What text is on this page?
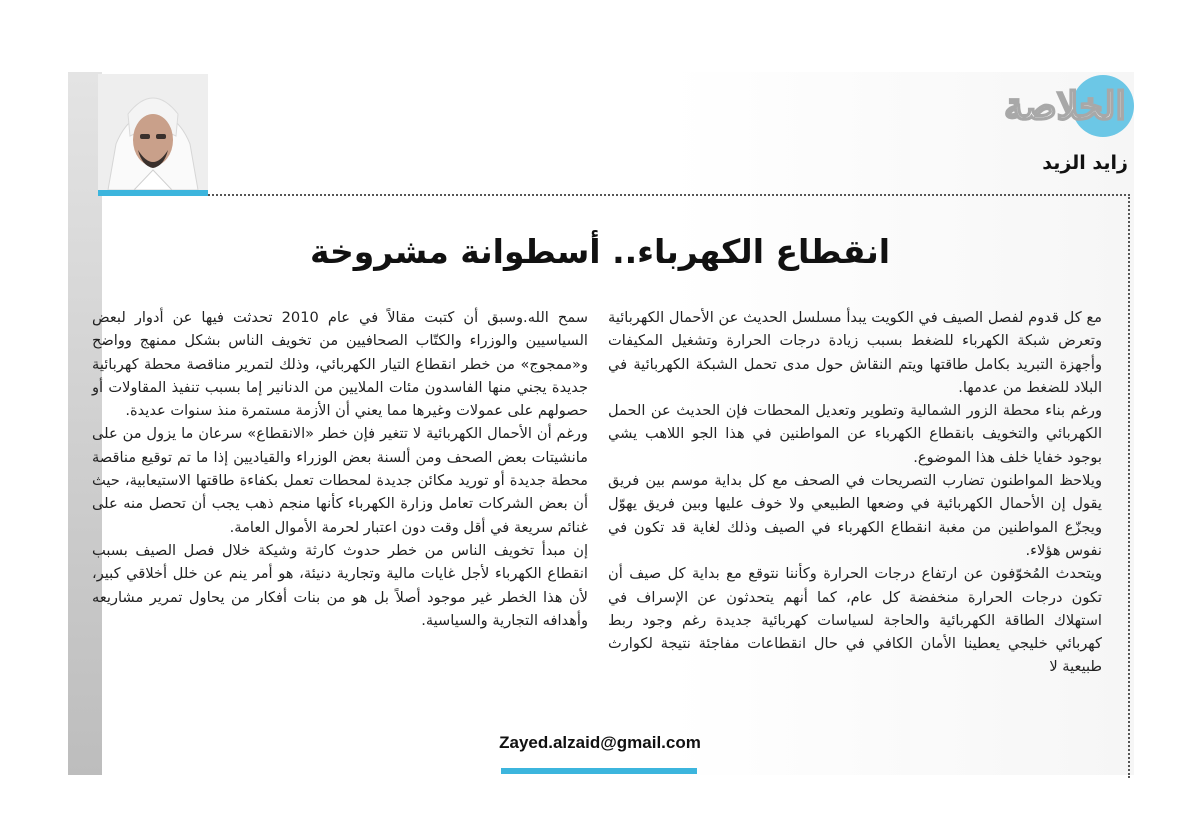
الخلاصة
زايد الزيد
انقطاع الكهرباء.. أسطوانة مشروخة

مع كل قدوم لفصل الصيف في الكويت يبدأ مسلسل الحديث عن الأحمال الكهربائية وتعرض شبكة الكهرباء للضغط بسبب زيادة درجات الحرارة وتشغيل المكيفات وأجهزة التبريد بكامل طاقتها ويتم النقاش حول مدى تحمل الشبكة الكهربائية في البلاد للضغط من عدمها.

ورغم بناء محطة الزور الشمالية وتطوير وتعديل المحطات فإن الحديث عن الحمل الكهربائي والتخويف بانقطاع الكهرباء عن المواطنين في هذا الجو اللاهب يشي بوجود خفايا خلف هذا الموضوع.

ويلاحظ المواطنون تضارب التصريحات في الصحف مع كل بداية موسم بين فريق يقول إن الأحمال الكهربائية في وضعها الطبيعي ولا خوف عليها وبين فريق يهوّل ويجزّع المواطنين من مغبة انقطاع الكهرباء في الصيف وذلك لغاية قد تكون في نفوس هؤلاء.

ويتحدث المُخوّفون عن ارتفاع درجات الحرارة وكأننا نتوقع مع بداية كل صيف أن تكون درجات الحرارة منخفضة كل عام، كما أنهم يتحدثون عن الإسراف في استهلاك الطاقة الكهربائية والحاجة لسياسات كهربائية جديدة رغم وجود ربط كهربائي خليجي يعطينا الأمان الكافي في حال انقطاعات مفاجئة نتيجة لكوارث طبيعية لا

سمح الله.وسبق أن كتبت مقالاً في عام 2010 تحدثت فيها عن أدوار لبعض السياسيين والوزراء والكتّاب الصحافيين من تخويف الناس بشكل ممنهج وواضح و«ممجوج» من خطر انقطاع التيار الكهربائي، وذلك لتمرير مناقصة محطة كهربائية جديدة يجني منها الفاسدون مئات الملايين من الدنانير إما بسبب تنفيذ المقاولات أو حصولهم على عمولات وغيرها مما يعني أن الأزمة مستمرة منذ سنوات عديدة.

ورغم أن الأحمال الكهربائية لا تتغير فإن خطر «الانقطاع» سرعان ما يزول من على مانشيتات بعض الصحف ومن ألسنة بعض الوزراء والقياديين إذا ما تم توقيع مناقصة محطة جديدة أو توريد مكائن جديدة لمحطات تعمل بكفاءة طاقتها الاستيعابية، حيث أن بعض الشركات تعامل وزارة الكهرباء كأنها منجم ذهب يجب أن تحصل منه على غنائم سريعة في أقل وقت دون اعتبار لحرمة الأموال العامة.

إن مبدأ تخويف الناس من خطر حدوث كارثة وشيكة خلال فصل الصيف بسبب انقطاع الكهرباء لأجل غايات مالية وتجارية دنيئة، هو أمر ينم عن خلل أخلاقي كبير، لأن هذا الخطر غير موجود أصلاً بل هو من بنات أفكار من يحاول تمرير مشاريعه وأهدافه التجارية والسياسية.

Zayed.alzaid@gmail.com
